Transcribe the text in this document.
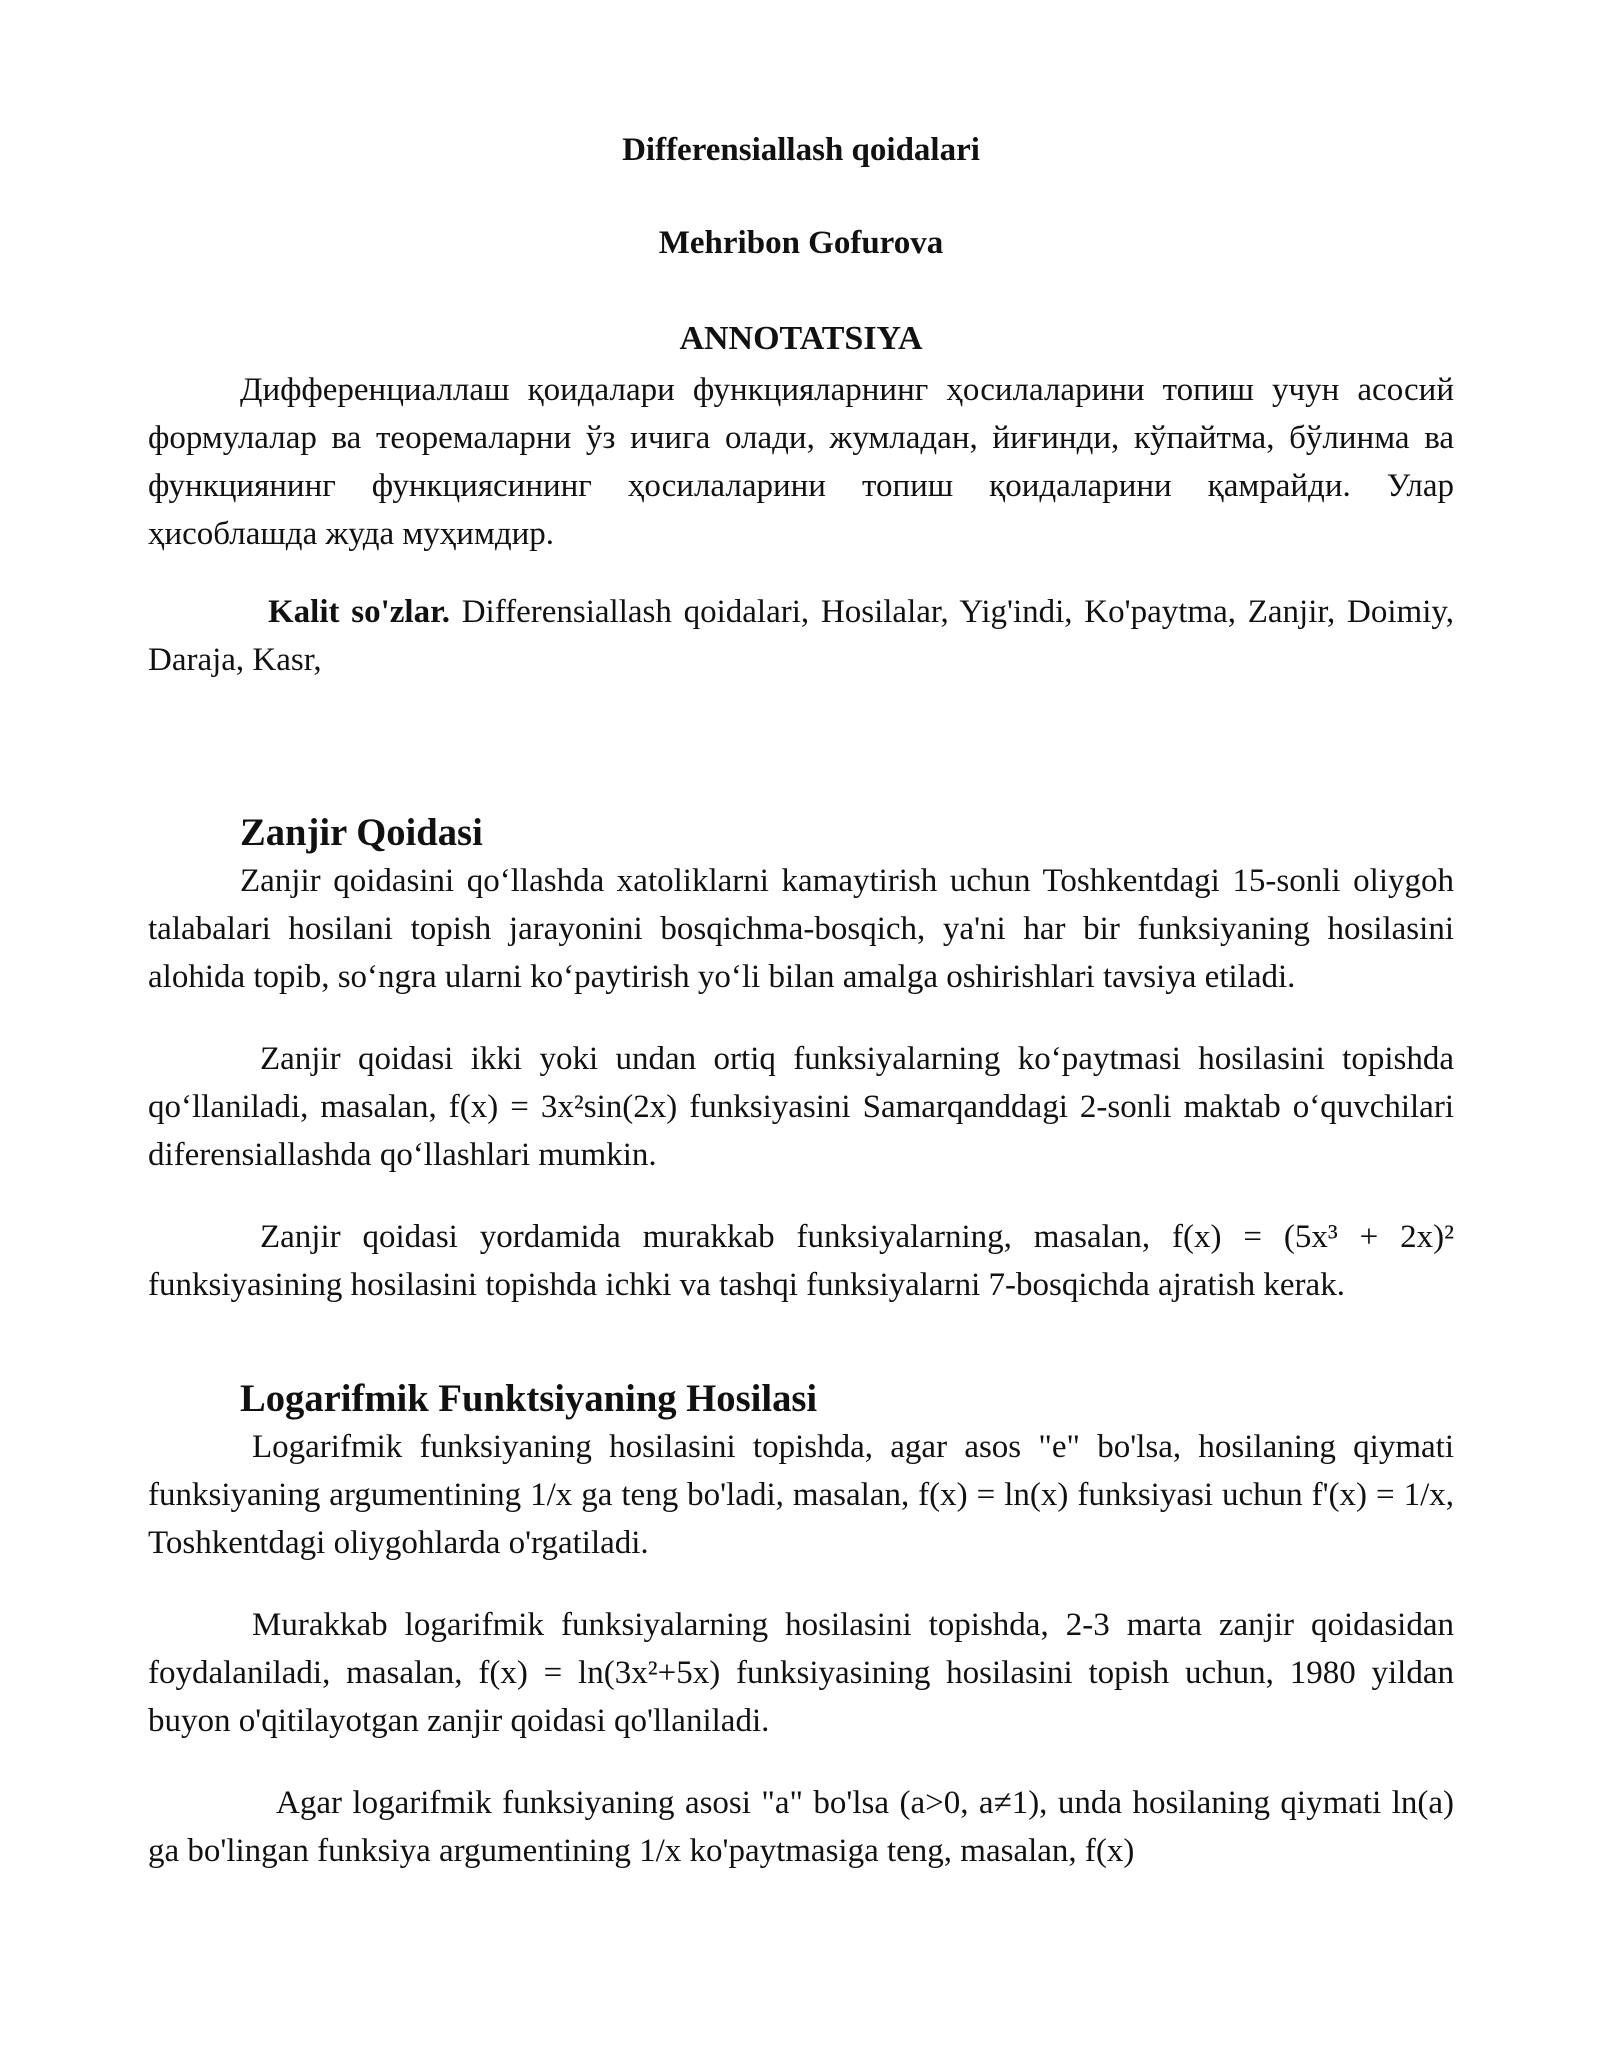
Differensiallash qoidalari
Mehribon Gofurova
ANNOTATSIYA

Дифференциаллаш қоидалари функцияларнинг ҳосилаларини топиш учун асосий формулалар ва теоремаларни ўз ичига олади, жумладан, йиғинди, кўпайтма, бўлинма ва функциянинг функциясининг ҳосилаларини топиш қоидаларини қамрайди. Улар ҳисоблашда жуда муҳимдир.

Kalit so'zlar. Differensiallash qoidalari, Hosilalar, Yig'indi, Ko'paytma, Zanjir, Doimiy, Daraja, Kasr,

Zanjir Qoidasi

Zanjir qoidasini qo‘llashda xatoliklarni kamaytirish uchun Toshkentdagi 15-sonli oliygoh talabalari hosilani topish jarayonini bosqichma-bosqich, ya'ni har bir funksiyaning hosilasini alohida topib, so‘ngra ularni ko‘paytirish yo‘li bilan amalga oshirishlari tavsiya etiladi.

Zanjir qoidasi ikki yoki undan ortiq funksiyalarning ko‘paytmasi hosilasini topishda qo‘llaniladi, masalan, f(x) = 3x²sin(2x) funksiyasini Samarqanddagi 2-sonli maktab o‘quvchilari diferensiallashda qo‘llashlari mumkin.

Zanjir qoidasi yordamida murakkab funksiyalarning, masalan, f(x) = (5x³ + 2x)² funksiyasining hosilasini topishda ichki va tashqi funksiyalarni 7-bosqichda ajratish kerak.

Logarifmik Funktsiyaning Hosilasi

Logarifmik funksiyaning hosilasini topishda, agar asos "e" bo'lsa, hosilaning qiymati funksiyaning argumentining 1/x ga teng bo'ladi, masalan, f(x) = ln(x) funksiyasi uchun f'(x) = 1/x, Toshkentdagi oliygohlarda o'rgatiladi.

Murakkab logarifmik funksiyalarning hosilasini topishda, 2-3 marta zanjir qoidasidan foydalaniladi, masalan, f(x) = ln(3x²+5x) funksiyasining hosilasini topish uchun, 1980 yildan buyon o'qitilayotgan zanjir qoidasi qo'llaniladi.

Agar logarifmik funksiyaning asosi "a" bo'lsa (a>0, a≠1), unda hosilaning qiymati ln(a) ga bo'lingan funksiya argumentining 1/x ko'paytmasiga teng, masalan, f(x)
